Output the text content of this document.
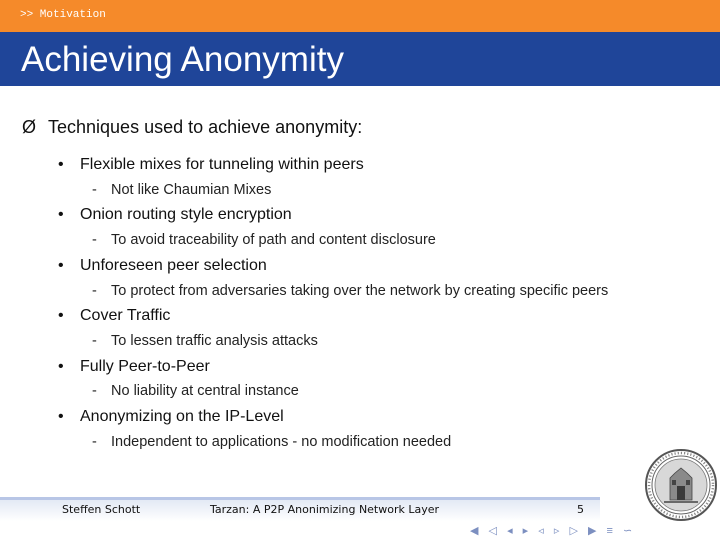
>> Motivation
Achieving Anonymity
Ø Techniques used to achieve anonymity:
• Flexible mixes for tunneling within peers
- Not like Chaumian Mixes
• Onion routing style encryption
- To avoid traceability of path and content disclosure
• Unforeseen peer selection
- To protect from adversaries taking over the network by creating specific peers
• Cover Traffic
- To lessen traffic analysis attacks
• Fully Peer-to-Peer
- No liability at central instance
• Anonymizing on the IP-Level
- Independent to applications - no modification needed
Steffen Schott	Tarzan: A P2P Anonimizing Network Layer	5
◀ ◁ ◂ ▸ ◃ ▹ ▷ ▶ ≡ ∽
